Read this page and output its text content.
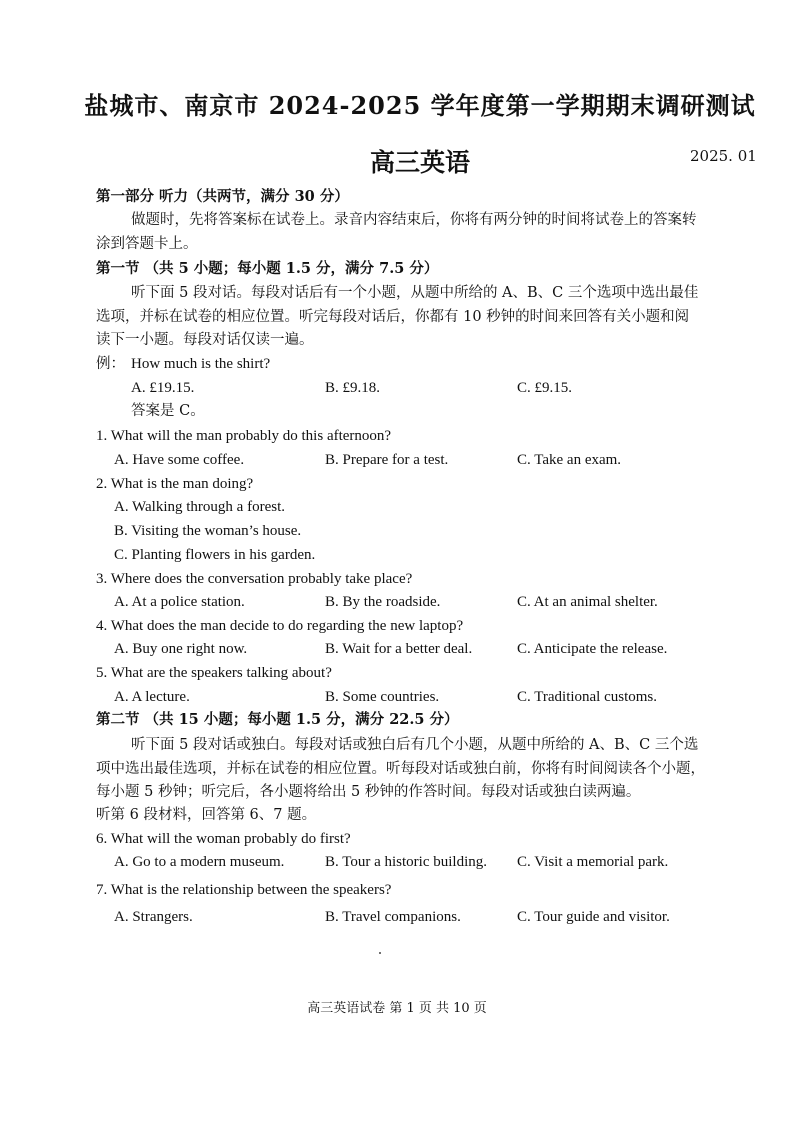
盐城市、南京市 2024-2025 学年度第一学期期末调研测试
高三英语	2025. 01
第一部分 听力（共两节，满分 30 分）
做题时，先将答案标在试卷上。录音内容结束后，你将有两分钟的时间将试卷上的答案转
涂到答题卡上。
第一节 （共 5 小题；每小题 1.5 分，满分 7.5 分）
听下面 5 段对话。每段对话后有一个小题，从题中所给的 A、B、C 三个选项中选出最佳
选项，并标在试卷的相应位置。听完每段对话后，你都有 10 秒钟的时间来回答有关小题和阅
读下一小题。每段对话仅读一遍。
例： How much is the shirt?
A. £19.15.	B. £9.18.	C. £9.15.
答案是 C。
1. What will the man probably do this afternoon?
A. Have some coffee.	B. Prepare for a test.	C. Take an exam.
2. What is the man doing?
A. Walking through a forest.
B. Visiting the woman’s house.
C. Planting flowers in his garden.
3. Where does the conversation probably take place?
A. At a police station.	B. By the roadside.	C. At an animal shelter.
4. What does the man decide to do regarding the new laptop?
A. Buy one right now.	B. Wait for a better deal.	C. Anticipate the release.
5. What are the speakers talking about?
A. A lecture.	B. Some countries.	C. Traditional customs.
第二节 （共 15 小题；每小题 1.5 分，满分 22.5 分）
听下面 5 段对话或独白。每段对话或独白后有几个小题，从题中所给的 A、B、C 三个选
项中选出最佳选项，并标在试卷的相应位置。听每段对话或独白前，你将有时间阅读各个小题，
每小题 5 秒钟；听完后，各小题将给出 5 秒钟的作答时间。每段对话或独白读两遍。
听第 6 段材料，回答第 6、7 题。
6. What will the woman probably do first?
A. Go to a modern museum.	B. Tour a historic building. C. Visit a memorial park.
7. What is the relationship between the speakers?
A. Strangers.	B. Travel companions.	C. Tour guide and visitor.
高三英语试卷 第 1 页 共 10 页
